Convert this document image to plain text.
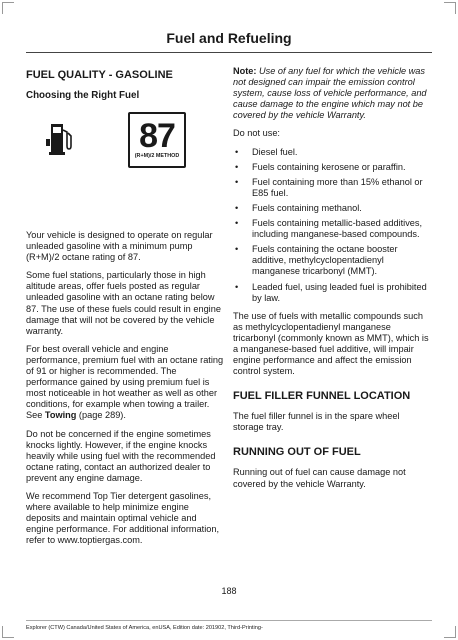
Fuel and Refueling
FUEL QUALITY - GASOLINE
Choosing the Right Fuel
87
(R+M)/2 METHOD

Your vehicle is designed to operate on regular unleaded gasoline with a minimum pump (R+M)/2 octane rating of 87.

Some fuel stations, particularly those in high altitude areas, offer fuels posted as regular unleaded gasoline with an octane rating below 87. The use of these fuels could result in engine damage that will not be covered by the vehicle warranty.

For best overall vehicle and engine performance, premium fuel with an octane rating of 91 or higher is recommended. The performance gained by using premium fuel is most noticeable in hot weather as well as other conditions, for example when towing a trailer. See Towing (page 289).

Do not be concerned if the engine sometimes knocks lightly. However, if the engine knocks heavily while using fuel with the recommended octane rating, contact an authorized dealer to prevent any engine damage.

We recommend Top Tier detergent gasolines, where available to help minimize engine deposits and maintain optimal vehicle and engine performance. For additional information, refer to www.toptiergas.com.

Note: Use of any fuel for which the vehicle was not designed can impair the emission control system, cause loss of vehicle performance, and cause damage to the engine which may not be covered by the vehicle Warranty.

Do not use:

• Diesel fuel.
• Fuels containing kerosene or paraffin.
• Fuel containing more than 15% ethanol or E85 fuel.
• Fuels containing methanol.
• Fuels containing metallic-based additives, including manganese-based compounds.
• Fuels containing the octane booster additive, methylcyclopentadienyl manganese tricarbonyl (MMT).
• Leaded fuel, using leaded fuel is prohibited by law.

The use of fuels with metallic compounds such as methylcyclopentadienyl manganese tricarbonyl (commonly known as MMT), which is a manganese-based fuel additive, will impair engine performance and affect the emission control system.

FUEL FILLER FUNNEL LOCATION

The fuel filler funnel is in the spare wheel storage tray.

RUNNING OUT OF FUEL

Running out of fuel can cause damage not covered by the vehicle Warranty.

188
Explorer (CTW) Canada/United States of America, enUSA, Edition date: 201902, Third-Printing-
